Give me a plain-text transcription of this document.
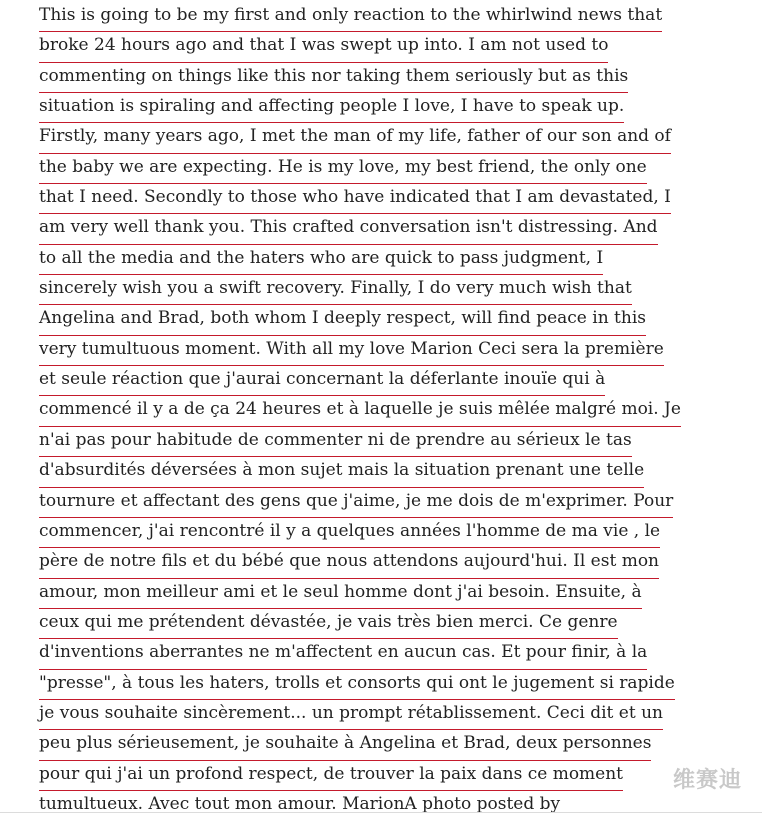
This is going to be my first and only reaction to the whirlwind news that
broke 24 hours ago and that I was swept up into. I am not used to
commenting on things like this nor taking them seriously but as this
situation is spiraling and affecting people I love, I have to speak up.
Firstly, many years ago, I met the man of my life, father of our son and of
the baby we are expecting. He is my love, my best friend, the only one
that I need. Secondly to those who have indicated that I am devastated, I
am very well thank you. This crafted conversation isn't distressing. And
to all the media and the haters who are quick to pass judgment, I
sincerely wish you a swift recovery. Finally, I do very much wish that
Angelina and Brad, both whom I deeply respect, will find peace in this
very tumultuous moment. With all my love Marion Ceci sera la première
et seule réaction que j'aurai concernant la déferlante inouïe qui à
commencé il y a de ça 24 heures et à laquelle je suis mêlée malgré moi. Je
n'ai pas pour habitude de commenter ni de prendre au sérieux le tas
d'absurdités déversées à mon sujet mais la situation prenant une telle
tournure et affectant des gens que j'aime, je me dois de m'exprimer. Pour
commencer, j'ai rencontré il y a quelques années l'homme de ma vie , le
père de notre fils et du bébé que nous attendons aujourd'hui. Il est mon
amour, mon meilleur ami et le seul homme dont j'ai besoin. Ensuite, à
ceux qui me prétendent dévastée, je vais très bien merci. Ce genre
d'inventions aberrantes ne m'affectent en aucun cas. Et pour finir, à la
"presse", à tous les haters, trolls et consorts qui ont le jugement si rapide
je vous souhaite sincèrement... un prompt rétablissement. Ceci dit et un
peu plus sérieusement, je souhaite à Angelina et Brad, deux personnes
pour qui j'ai un profond respect, de trouver la paix dans ce moment
tumultueux. Avec tout mon amour. MarionA photo posted by
维赛迪
